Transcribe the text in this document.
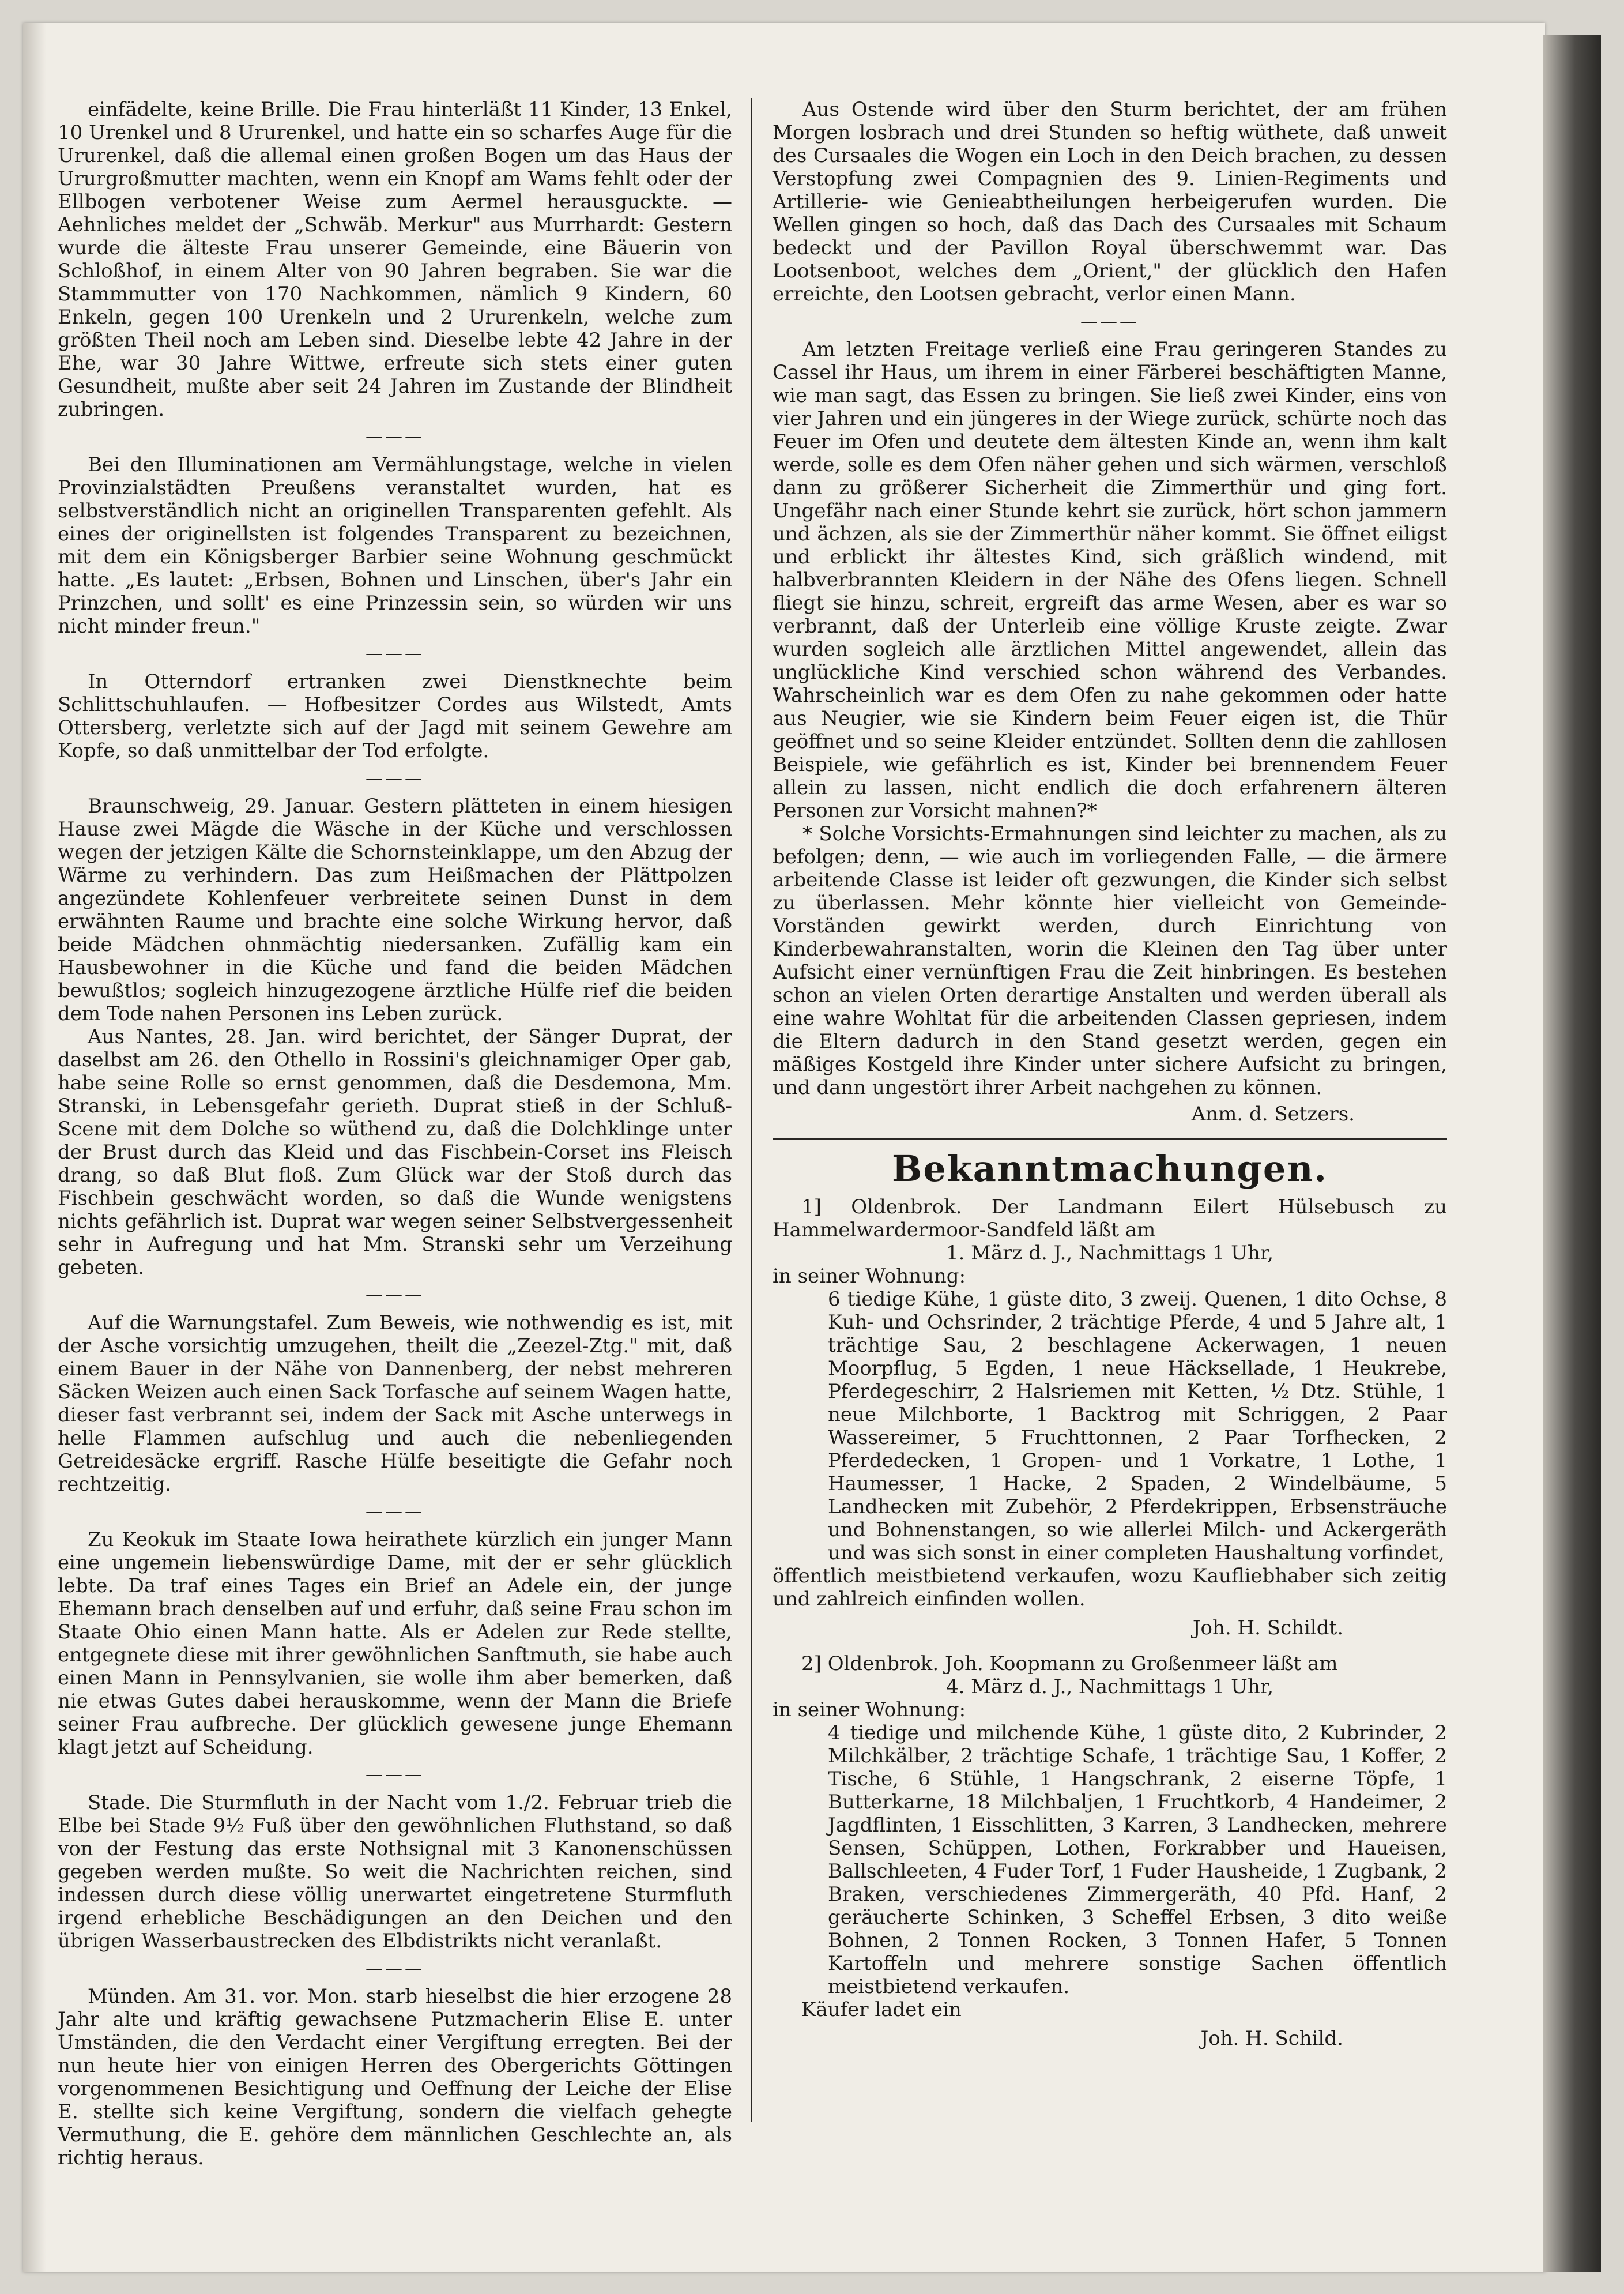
einfädelte, keine Brille. Die Frau hinterläßt 11 Kinder, 13 Enkel, 10 Urenkel und 8 Ururenkel, und hatte ein so scharfes Auge für die Ururenkel, daß die allemal einen großen Bogen um das Haus der Ururgroßmutter machten, wenn ein Knopf am Wams fehlt oder der Ellbogen verbotener Weise zum Aermel herausguckte. — Aehnliches meldet der „Schwäb. Merkur" aus Murrhardt: Gestern wurde die älteste Frau unserer Gemeinde, eine Bäuerin von Schloßhof, in einem Alter von 90 Jahren begraben. Sie war die Stammmutter von 170 Nachkommen, nämlich 9 Kindern, 60 Enkeln, gegen 100 Urenkeln und 2 Ururenkeln, welche zum größten Theil noch am Leben sind. Dieselbe lebte 42 Jahre in der Ehe, war 30 Jahre Wittwe, erfreute sich stets einer guten Gesundheit, mußte aber seit 24 Jahren im Zustande der Blindheit zubringen.

———

Bei den Illuminationen am Vermählungstage, welche in vielen Provinzialstädten Preußens veranstaltet wurden, hat es selbstverständlich nicht an originellen Transparenten gefehlt. Als eines der originellsten ist folgendes Transparent zu bezeichnen, mit dem ein Königsberger Barbier seine Wohnung geschmückt hatte. „Es lautet: „Erbsen, Bohnen und Linschen, über's Jahr ein Prinzchen, und sollt' es eine Prinzessin sein, so würden wir uns nicht minder freun."

———

In Otterndorf ertranken zwei Dienstknechte beim Schlittschuhlaufen. — Hofbesitzer Cordes aus Wilstedt, Amts Ottersberg, verletzte sich auf der Jagd mit seinem Gewehre am Kopfe, so daß unmittelbar der Tod erfolgte.

———

Braunschweig, 29. Januar. Gestern plätteten in einem hiesigen Hause zwei Mägde die Wäsche in der Küche und verschlossen wegen der jetzigen Kälte die Schornsteinklappe, um den Abzug der Wärme zu verhindern. Das zum Heißmachen der Plättpolzen angezündete Kohlenfeuer verbreitete seinen Dunst in dem erwähnten Raume und brachte eine solche Wirkung hervor, daß beide Mädchen ohnmächtig niedersanken. Zufällig kam ein Hausbewohner in die Küche und fand die beiden Mädchen bewußtlos; sogleich hinzugezogene ärztliche Hülfe rief die beiden dem Tode nahen Personen ins Leben zurück.

Aus Nantes, 28. Jan. wird berichtet, der Sänger Duprat, der daselbst am 26. den Othello in Rossini's gleichnamiger Oper gab, habe seine Rolle so ernst genommen, daß die Desdemona, Mm. Stranski, in Lebensgefahr gerieth. Duprat stieß in der Schluß-Scene mit dem Dolche so wüthend zu, daß die Dolchklinge unter der Brust durch das Kleid und das Fischbein-Corset ins Fleisch drang, so daß Blut floß. Zum Glück war der Stoß durch das Fischbein geschwächt worden, so daß die Wunde wenigstens nichts gefährlich ist. Duprat war wegen seiner Selbstvergessenheit sehr in Aufregung und hat Mm. Stranski sehr um Verzeihung gebeten.

———

Auf die Warnungstafel. Zum Beweis, wie nothwendig es ist, mit der Asche vorsichtig umzugehen, theilt die „Zeezel-Ztg." mit, daß einem Bauer in der Nähe von Dannenberg, der nebst mehreren Säcken Weizen auch einen Sack Torfasche auf seinem Wagen hatte, dieser fast verbrannt sei, indem der Sack mit Asche unterwegs in helle Flammen aufschlug und auch die nebenliegenden Getreidesäcke ergriff. Rasche Hülfe beseitigte die Gefahr noch rechtzeitig.

———

Zu Keokuk im Staate Iowa heirathete kürzlich ein junger Mann eine ungemein liebenswürdige Dame, mit der er sehr glücklich lebte. Da traf eines Tages ein Brief an Adele ein, der junge Ehemann brach denselben auf und erfuhr, daß seine Frau schon im Staate Ohio einen Mann hatte. Als er Adelen zur Rede stellte, entgegnete diese mit ihrer gewöhnlichen Sanftmuth, sie habe auch einen Mann in Pennsylvanien, sie wolle ihm aber bemerken, daß nie etwas Gutes dabei herauskomme, wenn der Mann die Briefe seiner Frau aufbreche. Der glücklich gewesene junge Ehemann klagt jetzt auf Scheidung.

———

Stade. Die Sturmfluth in der Nacht vom 1./2. Februar trieb die Elbe bei Stade 9½ Fuß über den gewöhnlichen Fluthstand, so daß von der Festung das erste Nothsignal mit 3 Kanonenschüssen gegeben werden mußte. So weit die Nachrichten reichen, sind indessen durch diese völlig unerwartet eingetretene Sturmfluth irgend erhebliche Beschädigungen an den Deichen und den übrigen Wasserbaustrecken des Elbdistrikts nicht veranlaßt.

———

Münden. Am 31. vor. Mon. starb hieselbst die hier erzogene 28 Jahr alte und kräftig gewachsene Putzmacherin Elise E. unter Umständen, die den Verdacht einer Vergiftung erregten. Bei der nun heute hier von einigen Herren des Obergerichts Göttingen vorgenommenen Besichtigung und Oeffnung der Leiche der Elise E. stellte sich keine Vergiftung, sondern die vielfach gehegte Vermuthung, die E. gehöre dem männlichen Geschlechte an, als richtig heraus.

Aus Ostende wird über den Sturm berichtet, der am frühen Morgen losbrach und drei Stunden so heftig wüthete, daß unweit des Cursaales die Wogen ein Loch in den Deich brachen, zu dessen Verstopfung zwei Compagnien des 9. Linien-Regiments und Artillerie- wie Genieabtheilungen herbeigerufen wurden. Die Wellen gingen so hoch, daß das Dach des Cursaales mit Schaum bedeckt und der Pavillon Royal überschwemmt war. Das Lootsenboot, welches dem „Orient," der glücklich den Hafen erreichte, den Lootsen gebracht, verlor einen Mann.

———

Am letzten Freitage verließ eine Frau geringeren Standes zu Cassel ihr Haus, um ihrem in einer Färberei beschäftigten Manne, wie man sagt, das Essen zu bringen. Sie ließ zwei Kinder, eins von vier Jahren und ein jüngeres in der Wiege zurück, schürte noch das Feuer im Ofen und deutete dem ältesten Kinde an, wenn ihm kalt werde, solle es dem Ofen näher gehen und sich wärmen, verschloß dann zu größerer Sicherheit die Zimmerthür und ging fort. Ungefähr nach einer Stunde kehrt sie zurück, hört schon jammern und ächzen, als sie der Zimmerthür näher kommt. Sie öffnet eiligst und erblickt ihr ältestes Kind, sich gräßlich windend, mit halbverbrannten Kleidern in der Nähe des Ofens liegen. Schnell fliegt sie hinzu, schreit, ergreift das arme Wesen, aber es war so verbrannt, daß der Unterleib eine völlige Kruste zeigte. Zwar wurden sogleich alle ärztlichen Mittel angewendet, allein das unglückliche Kind verschied schon während des Verbandes. Wahrscheinlich war es dem Ofen zu nahe gekommen oder hatte aus Neugier, wie sie Kindern beim Feuer eigen ist, die Thür geöffnet und so seine Kleider entzündet. Sollten denn die zahllosen Beispiele, wie gefährlich es ist, Kinder bei brennendem Feuer allein zu lassen, nicht endlich die doch erfahrenern älteren Personen zur Vorsicht mahnen?*

* Solche Vorsichts-Ermahnungen sind leichter zu machen, als zu befolgen; denn, — wie auch im vorliegenden Falle, — die ärmere arbeitende Classe ist leider oft gezwungen, die Kinder sich selbst zu überlassen. Mehr könnte hier vielleicht von Gemeinde-Vorständen gewirkt werden, durch Einrichtung von Kinderbewahranstalten, worin die Kleinen den Tag über unter Aufsicht einer vernünftigen Frau die Zeit hinbringen. Es bestehen schon an vielen Orten derartige Anstalten und werden überall als eine wahre Wohltat für die arbeitenden Classen gepriesen, indem die Eltern dadurch in den Stand gesetzt werden, gegen ein mäßiges Kostgeld ihre Kinder unter sichere Aufsicht zu bringen, und dann ungestört ihrer Arbeit nachgehen zu können.

Anm. d. Setzers.

Bekanntmachungen.

1] Oldenbrok. Der Landmann Eilert Hülsebusch zu Hammelwardermoor-Sandfeld läßt am

1. März d. J., Nachmittags 1 Uhr,

in seiner Wohnung:

6 tiedige Kühe, 1 güste dito, 3 zweij. Quenen, 1 dito Ochse, 8 Kuh- und Ochsrinder, 2 trächtige Pferde, 4 und 5 Jahre alt, 1 trächtige Sau, 2 beschlagene Ackerwagen, 1 neuen Moorpflug, 5 Egden, 1 neue Häcksellade, 1 Heukrebe, Pferdegeschirr, 2 Halsriemen mit Ketten, ½ Dtz. Stühle, 1 neue Milchborte, 1 Backtrog mit Schriggen, 2 Paar Wassereimer, 5 Fruchttonnen, 2 Paar Torfhecken, 2 Pferdedecken, 1 Gropen- und 1 Vorkatre, 1 Lothe, 1 Haumesser, 1 Hacke, 2 Spaden, 2 Windelbäume, 5 Landhecken mit Zubehör, 2 Pferdekrippen, Erbsensträuche und Bohnenstangen, so wie allerlei Milch- und Ackergeräth und was sich sonst in einer completen Haushaltung vorfindet,

öffentlich meistbietend verkaufen, wozu Kaufliebhaber sich zeitig und zahlreich einfinden wollen.

Joh. H. Schildt.

2] Oldenbrok. Joh. Koopmann zu Großenmeer läßt am

4. März d. J., Nachmittags 1 Uhr,

in seiner Wohnung:

4 tiedige und milchende Kühe, 1 güste dito, 2 Kubrinder, 2 Milchkälber, 2 trächtige Schafe, 1 trächtige Sau, 1 Koffer, 2 Tische, 6 Stühle, 1 Hangschrank, 2 eiserne Töpfe, 1 Butterkarne, 18 Milchbaljen, 1 Fruchtkorb, 4 Handeimer, 2 Jagdflinten, 1 Eisschlitten, 3 Karren, 3 Landhecken, mehrere Sensen, Schüppen, Lothen, Forkrabber und Haueisen, Ballschleeten, 4 Fuder Torf, 1 Fuder Hausheide, 1 Zugbank, 2 Braken, verschiedenes Zimmergeräth, 40 Pfd. Hanf, 2 geräucherte Schinken, 3 Scheffel Erbsen, 3 dito weiße Bohnen, 2 Tonnen Rocken, 3 Tonnen Hafer, 5 Tonnen Kartoffeln und mehrere sonstige Sachen öffentlich meistbietend verkaufen.

Käufer ladet ein

Joh. H. Schild.
